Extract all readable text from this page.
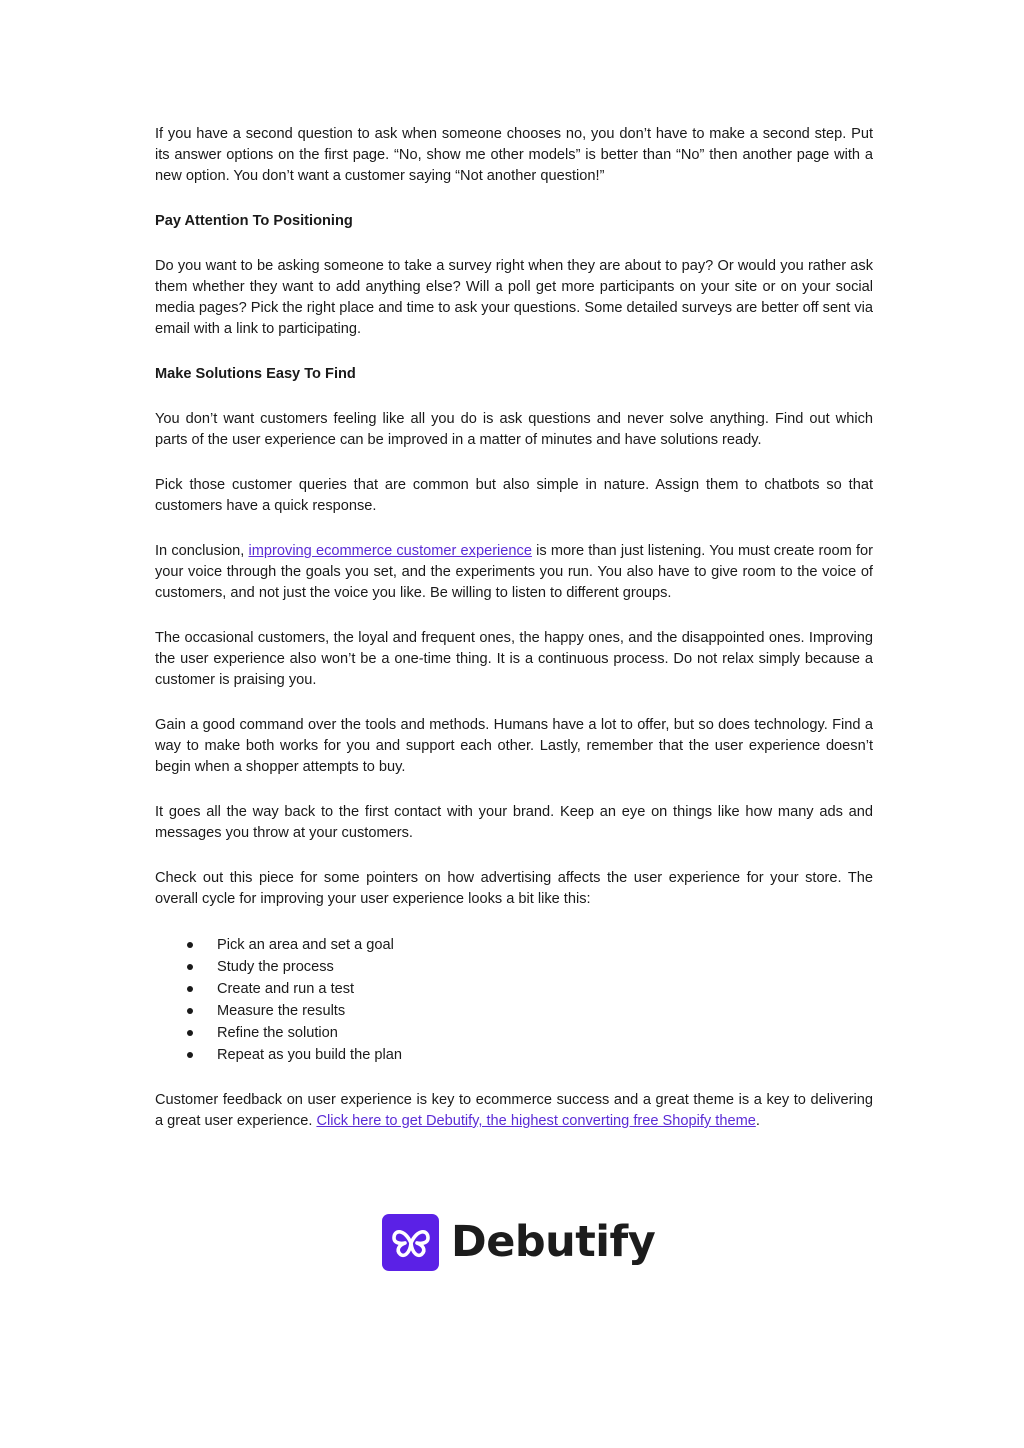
If you have a second question to ask when someone chooses no, you don’t have to make a second step. Put its answer options on the first page. “No, show me other models” is better than “No” then another page with a new option. You don’t want a customer saying “Not another question!”

Pay Attention To Positioning

Do you want to be asking someone to take a survey right when they are about to pay? Or would you rather ask them whether they want to add anything else? Will a poll get more participants on your site or on your social media pages? Pick the right place and time to ask your questions. Some detailed surveys are better off sent via email with a link to participating.

Make Solutions Easy To Find

You don’t want customers feeling like all you do is ask questions and never solve anything. Find out which parts of the user experience can be improved in a matter of minutes and have solutions ready.

Pick those customer queries that are common but also simple in nature. Assign them to chatbots so that customers have a quick response.

In conclusion, improving ecommerce customer experience is more than just listening. You must create room for your voice through the goals you set, and the experiments you run. You also have to give room to the voice of customers, and not just the voice you like. Be willing to listen to different groups.

The occasional customers, the loyal and frequent ones, the happy ones, and the disappointed ones. Improving the user experience also won’t be a one-time thing. It is a continuous process. Do not relax simply because a customer is praising you.

Gain a good command over the tools and methods. Humans have a lot to offer, but so does technology. Find a way to make both works for you and support each other. Lastly, remember that the user experience doesn’t begin when a shopper attempts to buy.

It goes all the way back to the first contact with your brand. Keep an eye on things like how many ads and messages you throw at your customers.

Check out this piece for some pointers on how advertising affects the user experience for your store. The overall cycle for improving your user experience looks a bit like this:

Pick an area and set a goal
Study the process
Create and run a test
Measure the results
Refine the solution
Repeat as you build the plan

Customer feedback on user experience is key to ecommerce success and a great theme is a key to delivering a great user experience. Click here to get Debutify, the highest converting free Shopify theme.

Debutify
